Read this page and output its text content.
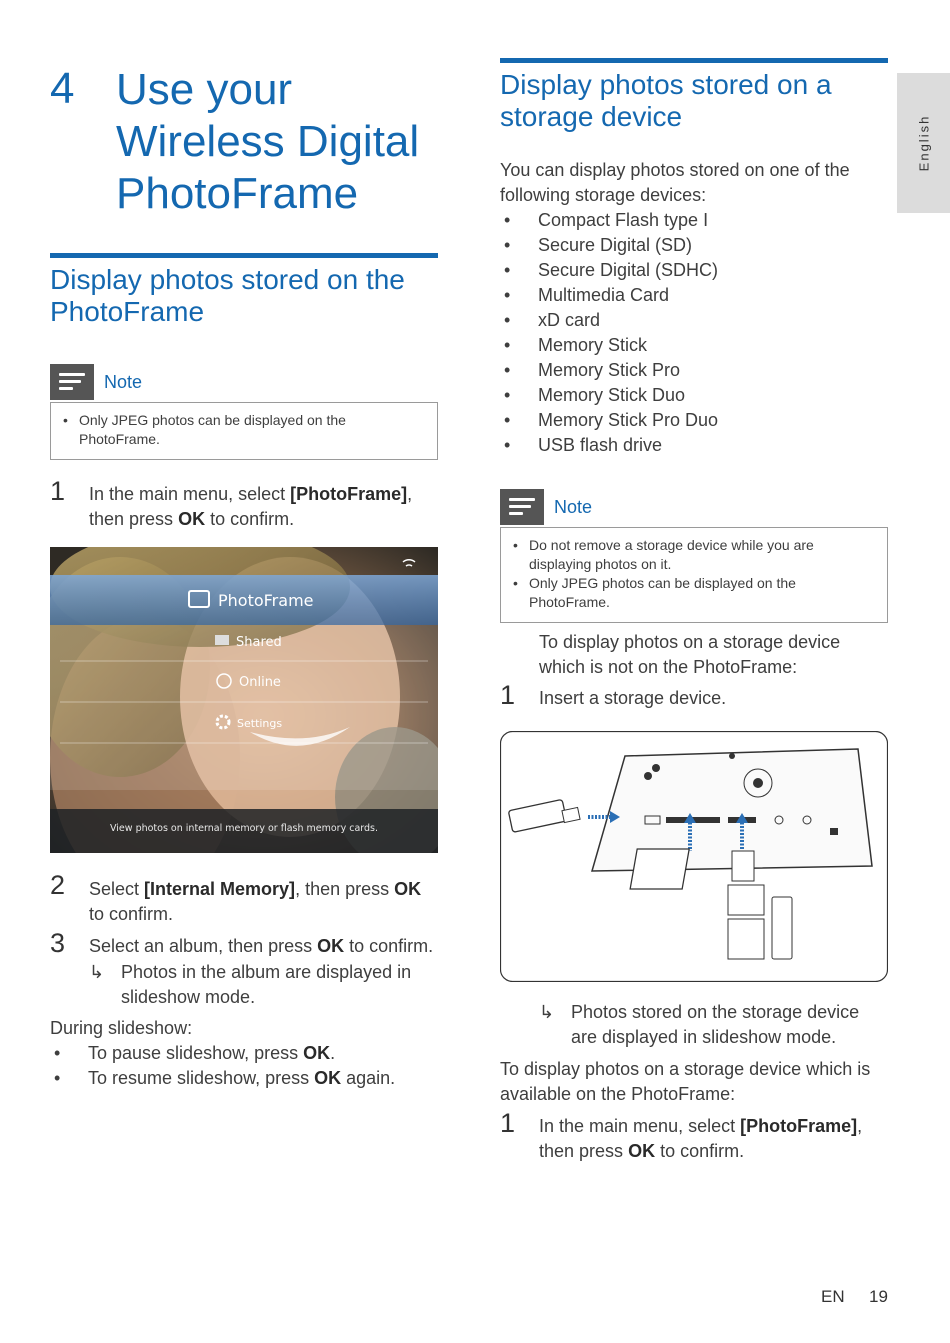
4 Use your Wireless Digital PhotoFrame
English
Display photos stored on the PhotoFrame
Note
• Only JPEG photos can be displayed on the PhotoFrame.
1 In the main menu, select [PhotoFrame], then press OK to confirm.
PhotoFrame
Shared
Online
Settings
View photos on internal memory or flash memory cards.
2 Select [Internal Memory], then press OK to confirm.
3 Select an album, then press OK to confirm.
↳ Photos in the album are displayed in slideshow mode.
During slideshow:
• To pause slideshow, press OK.
• To resume slideshow, press OK again.
Display photos stored on a storage device
You can display photos stored on one of the following storage devices:
• Compact Flash type I
• Secure Digital (SD)
• Secure Digital (SDHC)
• Multimedia Card
• xD card
• Memory Stick
• Memory Stick Pro
• Memory Stick Duo
• Memory Stick Pro Duo
• USB flash drive
Note
• Do not remove a storage device while you are displaying photos on it.
• Only JPEG photos can be displayed on the PhotoFrame.
To display photos on a storage device which is not on the PhotoFrame:
1 Insert a storage device.
↳ Photos stored on the storage device are displayed in slideshow mode.
To display photos on a storage device which is available on the PhotoFrame:
1 In the main menu, select [PhotoFrame], then press OK to confirm.
EN 19
